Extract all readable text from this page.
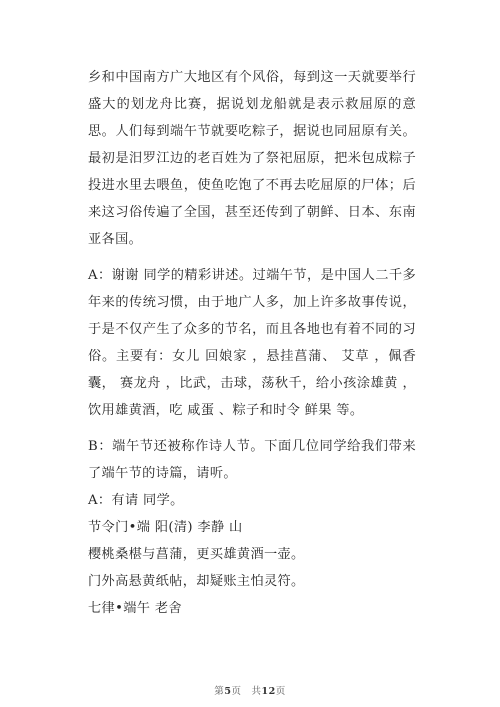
乡和中国南方广大地区有个风俗，每到这一天就要举行盛大的划龙舟比赛，据说划龙船就是表示救屈原的意思。人们每到端午节就要吃粽子，据说也同屈原有关。最初是汨罗江边的老百姓为了祭祀屈原，把米包成粽子投进水里去喂鱼，使鱼吃饱了不再去吃屈原的尸体；后来这习俗传遍了全国，甚至还传到了朝鲜、日本、东南亚各国。

A：谢谢 同学的精彩讲述。过端午节，是中国人二千多年来的传统习惯，由于地广人多，加上许多故事传说，于是不仅产生了众多的节名，而且各地也有着不同的习俗。主要有：女儿 回娘家 ，悬挂菖蒲、 艾草 ，佩香囊， 赛龙舟 ，比武，击球，荡秋千，给小孩涂雄黄 ，饮用雄黄酒，吃 咸蛋 、粽子和时令 鲜果 等。

B：端午节还被称作诗人节。下面几位同学给我们带来了端午节的诗篇，请听。

A：有请 同学。

节令门•端 阳(清) 李静 山

樱桃桑椹与菖蒲，更买雄黄酒一壶。

门外高悬黄纸帖，却疑账主怕灵符。

七律•端午 老舍

第5页　共12页
